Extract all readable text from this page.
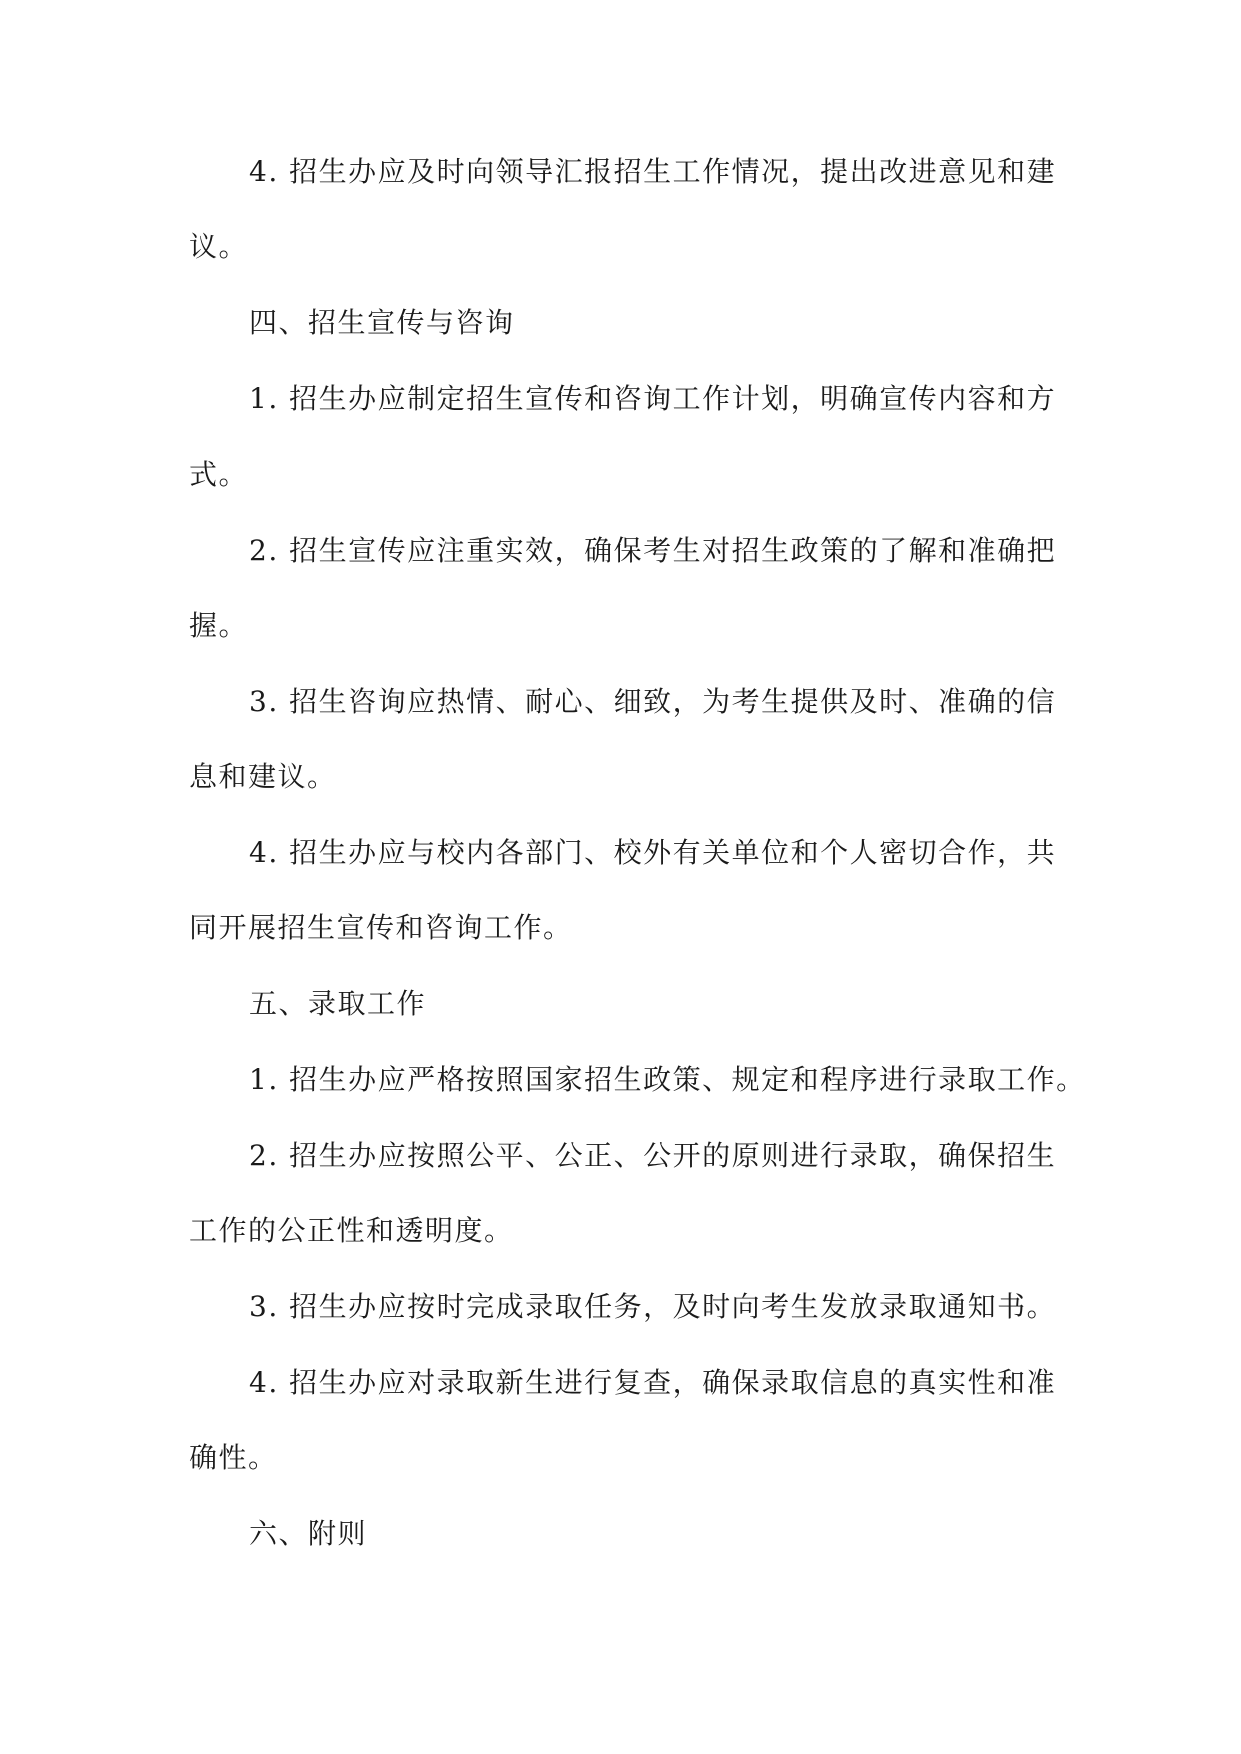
4. 招生办应及时向领导汇报招生工作情况，提出改进意见和建
议。
四、招生宣传与咨询
1. 招生办应制定招生宣传和咨询工作计划，明确宣传内容和方
式。
2. 招生宣传应注重实效，确保考生对招生政策的了解和准确把
握。
3. 招生咨询应热情、耐心、细致，为考生提供及时、准确的信
息和建议。
4. 招生办应与校内各部门、校外有关单位和个人密切合作，共
同开展招生宣传和咨询工作。
五、录取工作
1. 招生办应严格按照国家招生政策、规定和程序进行录取工作。
2. 招生办应按照公平、公正、公开的原则进行录取，确保招生
工作的公正性和透明度。
3. 招生办应按时完成录取任务，及时向考生发放录取通知书。
4. 招生办应对录取新生进行复查，确保录取信息的真实性和准
确性。
六、附则
